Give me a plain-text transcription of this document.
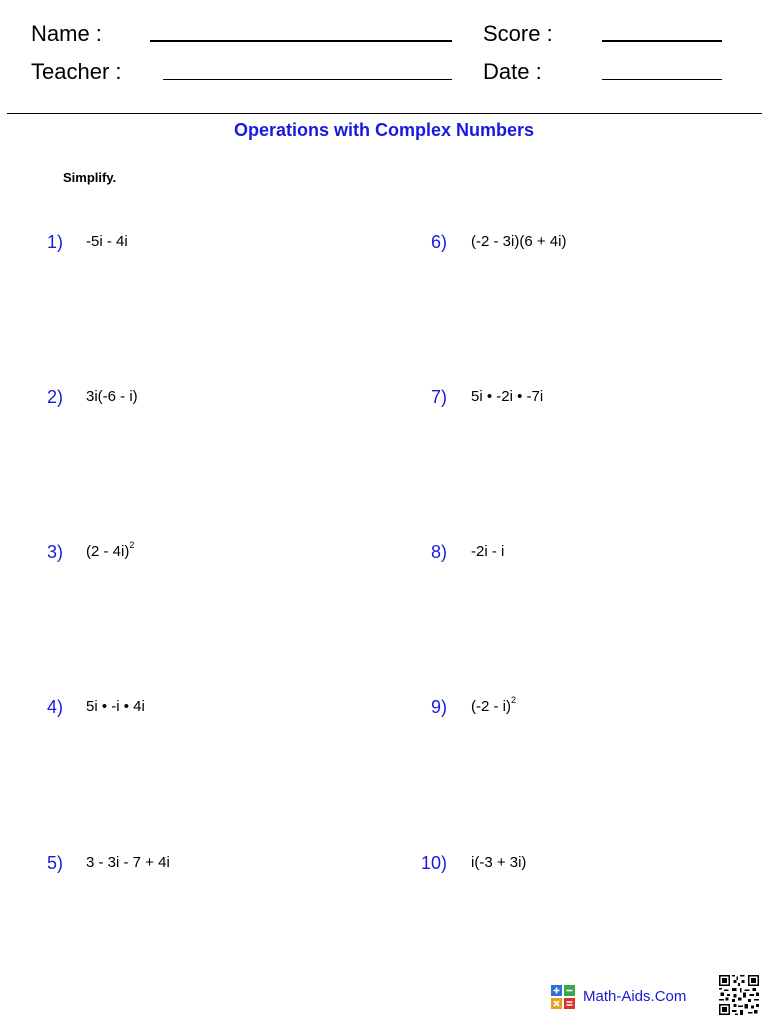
Name :	Score :
Teacher :	Date :
Operations with Complex Numbers
Simplify.
1) -5i - 4i
2) 3i(-6 - i)
3) (2 - 4i)$^2$
4) 5i • -i • 4i
5) 3 - 3i - 7 + 4i
6) (-2 - 3i)(6 + 4i)
7) 5i • -2i • -7i
8) -2i - i
9) (-2 - i)$^2$
10) i(-3 + 3i)
Math-Aids.Com
